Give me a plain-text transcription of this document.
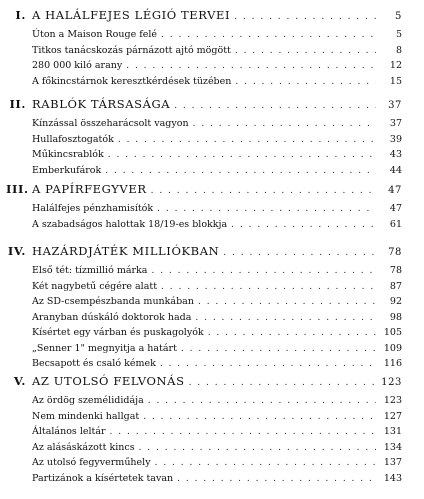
I. A HALÁLFEJES LÉGIÓ TERVEI . . .	5
Úton a Maison Rouge felé . . .	5
Titkos tanácskozás párnázott ajtó mögött . . .	8
280 000 kiló arany . . .	12
A főkincstárnok keresztkérdések tüzében . . .	15
II. RABLÓK TÁRSASÁGA . . .	37
Kínzással összeharácsolt vagyon . . .	37
Hullafosztogatók . . .	39
Műkincsrablók . . .	43
Emberkufárok . . .	44
III. A PAPÍRFEGYVER . . .	47
Halálfejes pénzhamisítók . . .	47
A szabadságos halottak 18/19-es blokkja . . .	61
IV. HAZÁRDJÁTÉK MILLIÓKBAN . . .	78
Első tét: tízmillió márka . . .	78
Két nagybetű cégére alatt . . .	87
Az SD-csempészbanda munkában . . .	92
Aranyban dúskáló doktorok hada . . .	98
Kísértet egy várban és puskagolyók . . .	105
„Senner 1" megnyitja a határt . . .	109
Becsapott és csaló kémek . . .	116
V. AZ UTOLSÓ FELVONÁS . . .	123
Az ördög személididája . . .	123
Nem mindenki hallgat . . .	127
Általános leltár . . .	131
Az alásáskázott kincs . . .	134
Az utolsó fegyverműhely . . .	137
Partizánok a kísértetek tavan . . .	143
